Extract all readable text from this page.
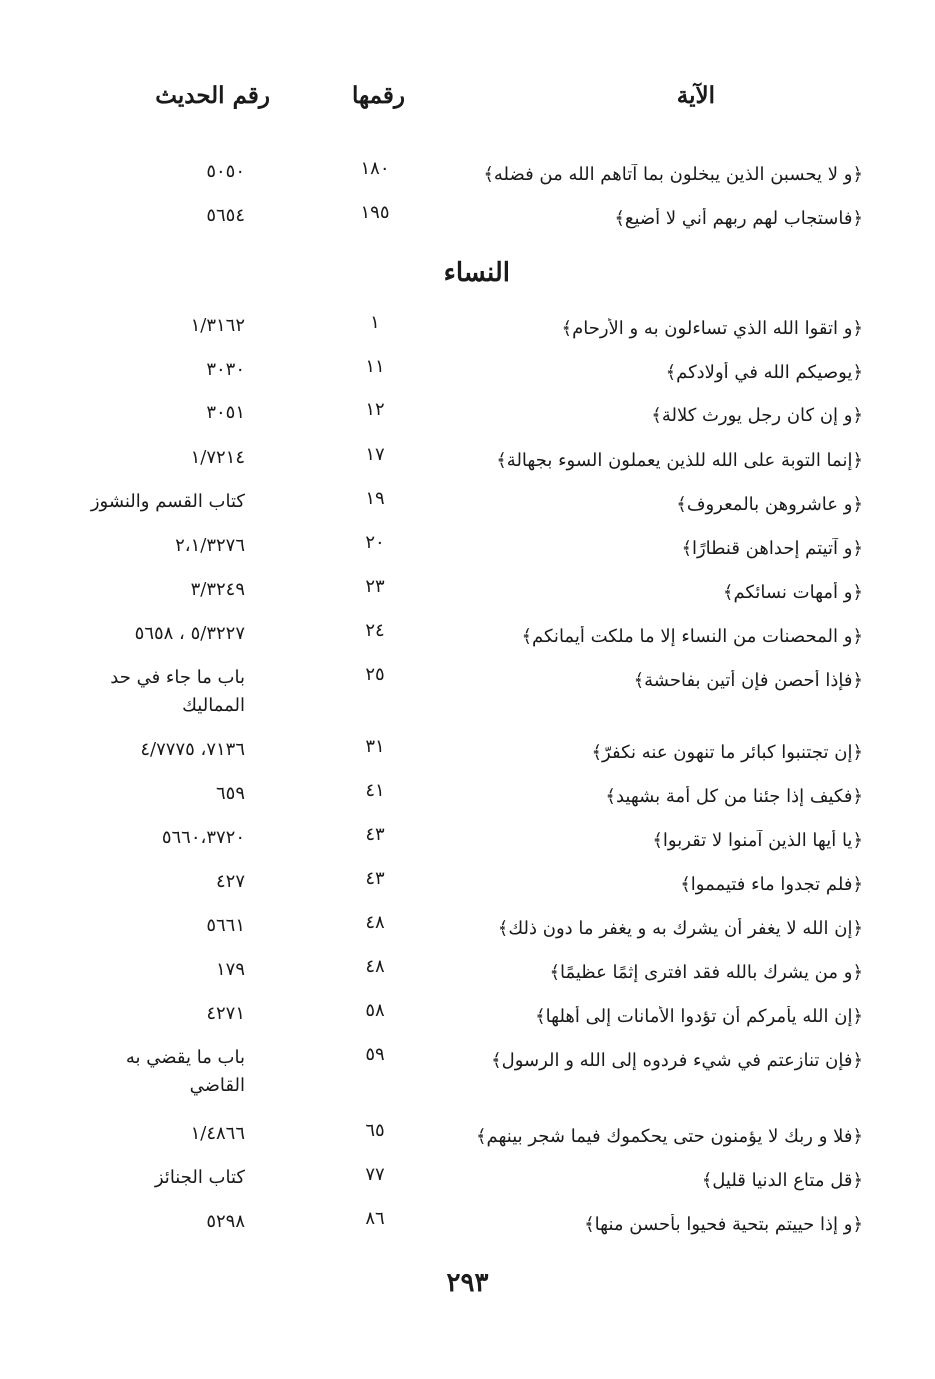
الآية
رقمها
رقم الحديث
﴿و لا يحسبن الذين يبخلون بما آتاهم الله من فضله﴾
١٨٠
٥٠٥٠
﴿فاستجاب لهم ربهم أني لا أضيع﴾
١٩٥
٥٦٥٤
النساء
﴿و اتقوا الله الذي تساءلون به و الأرحام﴾
١
١/٣١٦٢
﴿يوصيكم الله في أولادكم﴾
١١
٣٠٣٠
﴿و إن كان رجل يورث كلالة﴾
١٢
٣٠٥١
﴿إنما التوبة على الله للذين يعملون السوء بجهالة﴾
١٧
١/٧٢١٤
﴿و عاشروهن بالمعروف﴾
١٩
كتاب القسم والنشوز
﴿و آتيتم إحداهن قنطارًا﴾
٢٠
٢،١/٣٢٧٦
﴿و أمهات نسائكم﴾
٢٣
٣/٣٢٤٩
﴿و المحصنات من النساء إلا ما ملكت أيمانكم﴾
٢٤
٥/٣٢٢٧ ، ٥٦٥٨
﴿فإذا أحصن فإن أتين بفاحشة﴾
٢٥
باب ما جاء في حد المماليك
﴿إن تجتنبوا كبائر ما تنهون عنه نكفرّ﴾
٣١
٧١٣٦، ٤/٧٧٧٥
﴿فكيف إذا جئنا من كل أمة بشهيد﴾
٤١
٦٥٩
﴿يا أيها الذين آمنوا لا تقربوا﴾
٤٣
٥٦٦٠،٣٧٢٠
﴿فلم تجدوا ماء فتيمموا﴾
٤٣
٤٢٧
﴿إن الله لا يغفر أن يشرك به و يغفر ما دون ذلك﴾
٤٨
٥٦٦١
﴿و من يشرك بالله فقد افترى إثمًا عظيمًا﴾
٤٨
١٧٩
﴿إن الله يأمركم أن تؤدوا الأمانات إلى أهلها﴾
٥٨
٤٢٧١
﴿فإن تنازعتم في شيء فردوه إلى الله و الرسول﴾
٥٩
باب ما يقضي به القاضي
﴿فلا و ربك لا يؤمنون حتى يحكموك فيما شجر بينهم﴾
٦٥
١/٤٨٦٦
﴿قل متاع الدنيا قليل﴾
٧٧
كتاب الجنائز
﴿و إذا حييتم بتحية فحيوا بأحسن منها﴾
٨٦
٥٢٩٨
٢٩٣
